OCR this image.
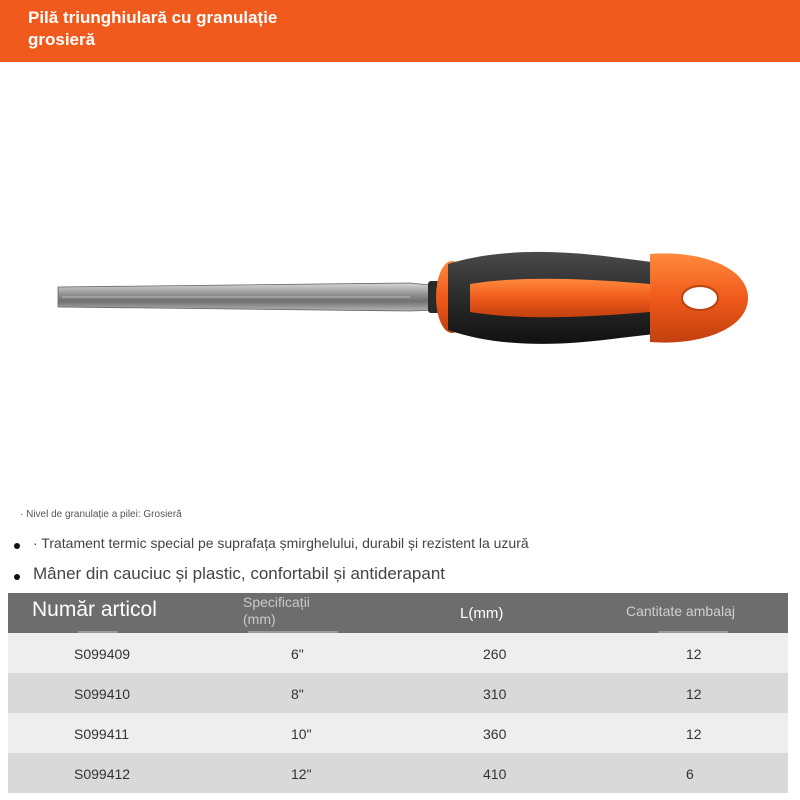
Pilă triunghiulară cu granulație grosieră
· Nivel de granulație a pilei: Grosieră
· Tratament termic special pe suprafața șmirghelului, durabil și rezistent la uzură
Mâner din cauciuc și plastic, confortabil și antiderapant
Număr articol	Specificații (mm)	L(mm)	Cantitate ambalaj
S099409	6"	260	12
S099410	8"	310	12
S099411	10"	360	12
S099412	12"	410	6
